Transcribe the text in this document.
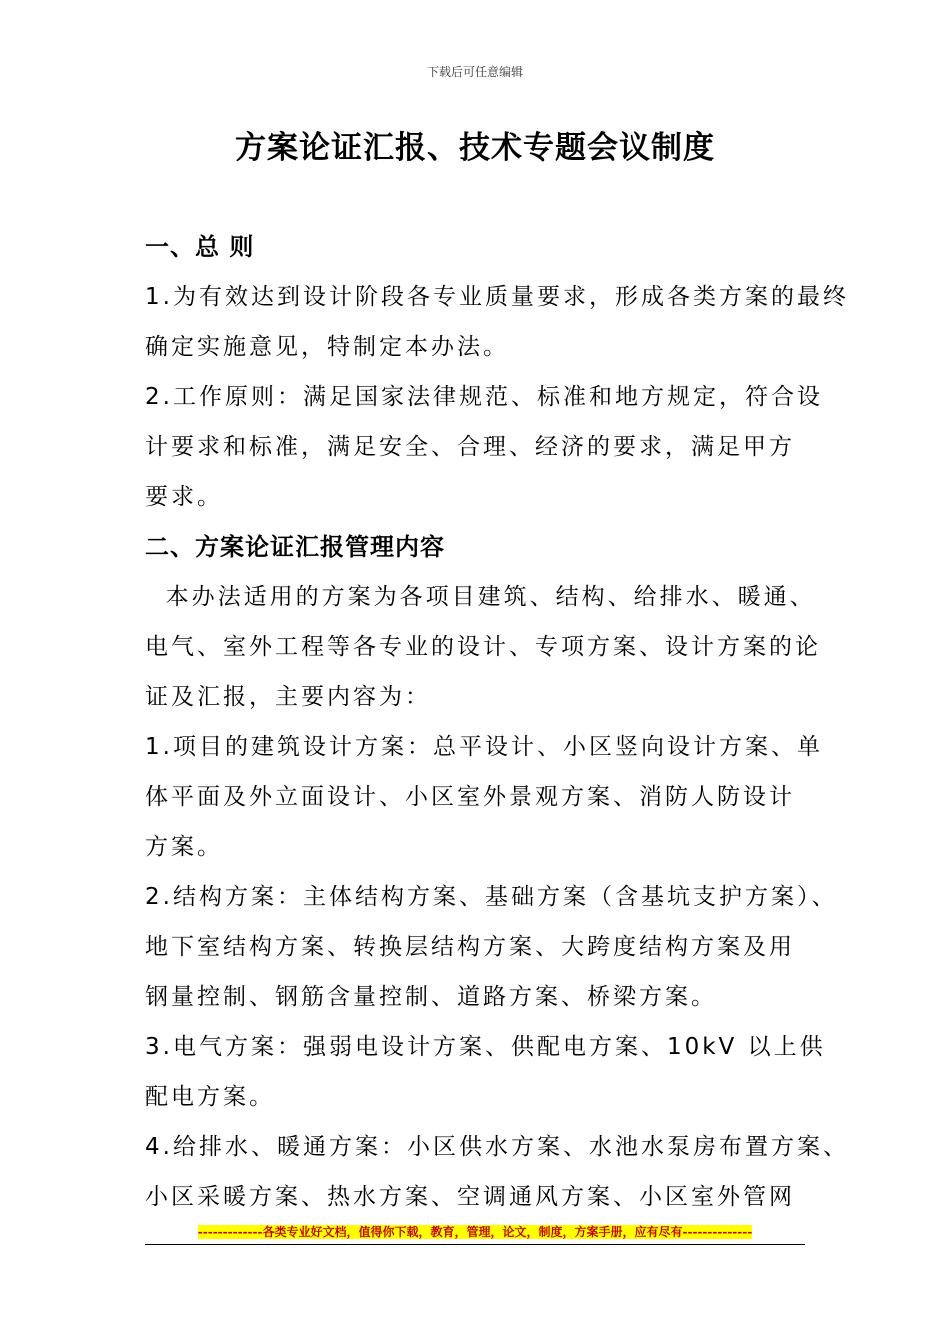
下载后可任意编辑
方案论证汇报、技术专题会议制度
一、总 则
1.为有效达到设计阶段各专业质量要求，形成各类方案的最终
确定实施意见，特制定本办法。
2.工作原则：满足国家法律规范、标准和地方规定，符合设
计要求和标准，满足安全、合理、经济的要求，满足甲方
要求。
二、方案论证汇报管理内容
本办法适用的方案为各项目建筑、结构、给排水、暖通、
电气、室外工程等各专业的设计、专项方案、设计方案的论
证及汇报，主要内容为：
1.项目的建筑设计方案：总平设计、小区竖向设计方案、单
体平面及外立面设计、小区室外景观方案、消防人防设计
方案。
2.结构方案：主体结构方案、基础方案（含基坑支护方案）、
地下室结构方案、转换层结构方案、大跨度结构方案及用
钢量控制、钢筋含量控制、道路方案、桥梁方案。
3.电气方案：强弱电设计方案、供配电方案、10kV 以上供
配电方案。
4.给排水、暖通方案：小区供水方案、水池水泵房布置方案、
小区采暖方案、热水方案、空调通风方案、小区室外管网
-------------各类专业好文档，值得你下载，教育，管理，论文，制度，方案手册，应有尽有--------------
